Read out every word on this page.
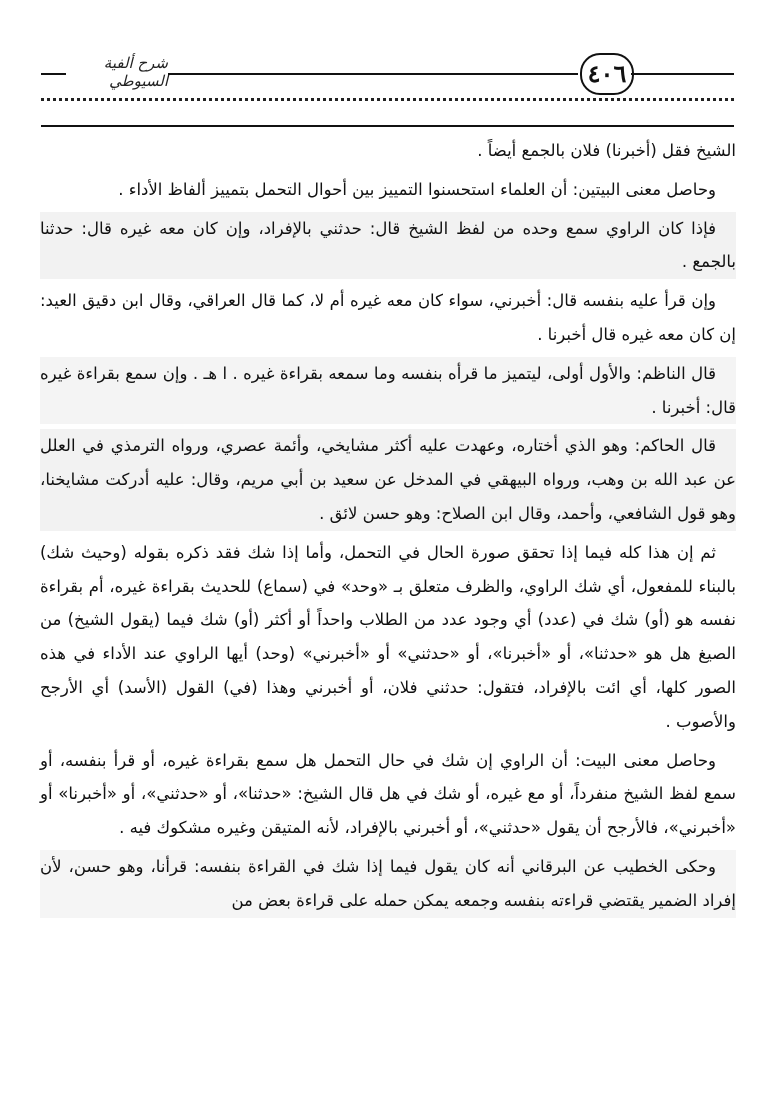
شرح ألفية السيوطي	٤٠٦

الشيخ فقل (أخبرنا) فلان بالجمع أيضاً .

وحاصل معنى البيتين: أن العلماء استحسنوا التمييز بين أحوال التحمل بتمييز ألفاظ الأداء .

فإذا كان الراوي سمع وحده من لفظ الشيخ قال: حدثني بالإفراد، وإن كان معه غيره قال: حدثنا بالجمع .

وإن قرأ عليه بنفسه قال: أخبرني، سواء كان معه غيره أم لا، كما قال العراقي، وقال ابن دقيق العيد: إن كان معه غيره قال أخبرنا .

قال الناظم: والأول أولى، ليتميز ما قرأه بنفسه وما سمعه بقراءة غيره . ا هـ . وإن سمع بقراءة غيره قال: أخبرنا .

قال الحاكم: وهو الذي أختاره، وعهدت عليه أكثر مشايخي، وأئمة عصري، ورواه الترمذي في العلل عن عبد الله بن وهب، ورواه البيهقي في المدخل عن سعيد بن أبي مريم، وقال: عليه أدركت مشايخنا، وهو قول الشافعي، وأحمد، وقال ابن الصلاح: وهو حسن لائق .

ثم إن هذا كله فيما إذا تحقق صورة الحال في التحمل، وأما إذا شك فقد ذكره بقوله (وحيث شك) بالبناء للمفعول، أي شك الراوي، والظرف متعلق بـ «وحد» في (سماع) للحديث بقراءة غيره، أم بقراءة نفسه هو (أو) شك في (عدد) أي وجود عدد من الطلاب واحداً أو أكثر (أو) شك فيما (يقول الشيخ) من الصيغ هل هو «حدثنا»، أو «أخبرنا»، أو «حدثني» أو «أخبرني» (وحد) أيها الراوي عند الأداء في هذه الصور كلها، أي ائت بالإفراد، فتقول: حدثني فلان، أو أخبرني وهذا (في) القول (الأسد) أي الأرجح والأصوب .

وحاصل معنى البيت: أن الراوي إن شك في حال التحمل هل سمع بقراءة غيره، أو قرأ بنفسه، أو سمع لفظ الشيخ منفرداً، أو مع غيره، أو شك في هل قال الشيخ: «حدثنا»، أو «حدثني»، أو «أخبرنا» أو «أخبرني»، فالأرجح أن يقول «حدثني»، أو أخبرني بالإفراد، لأنه المتيقن وغيره مشكوك فيه .

وحكى الخطيب عن البرقاني أنه كان يقول فيما إذا شك في القراءة بنفسه: قرأنا، وهو حسن، لأن إفراد الضمير يقتضي قراءته بنفسه وجمعه يمكن حمله على قراءة بعض من
